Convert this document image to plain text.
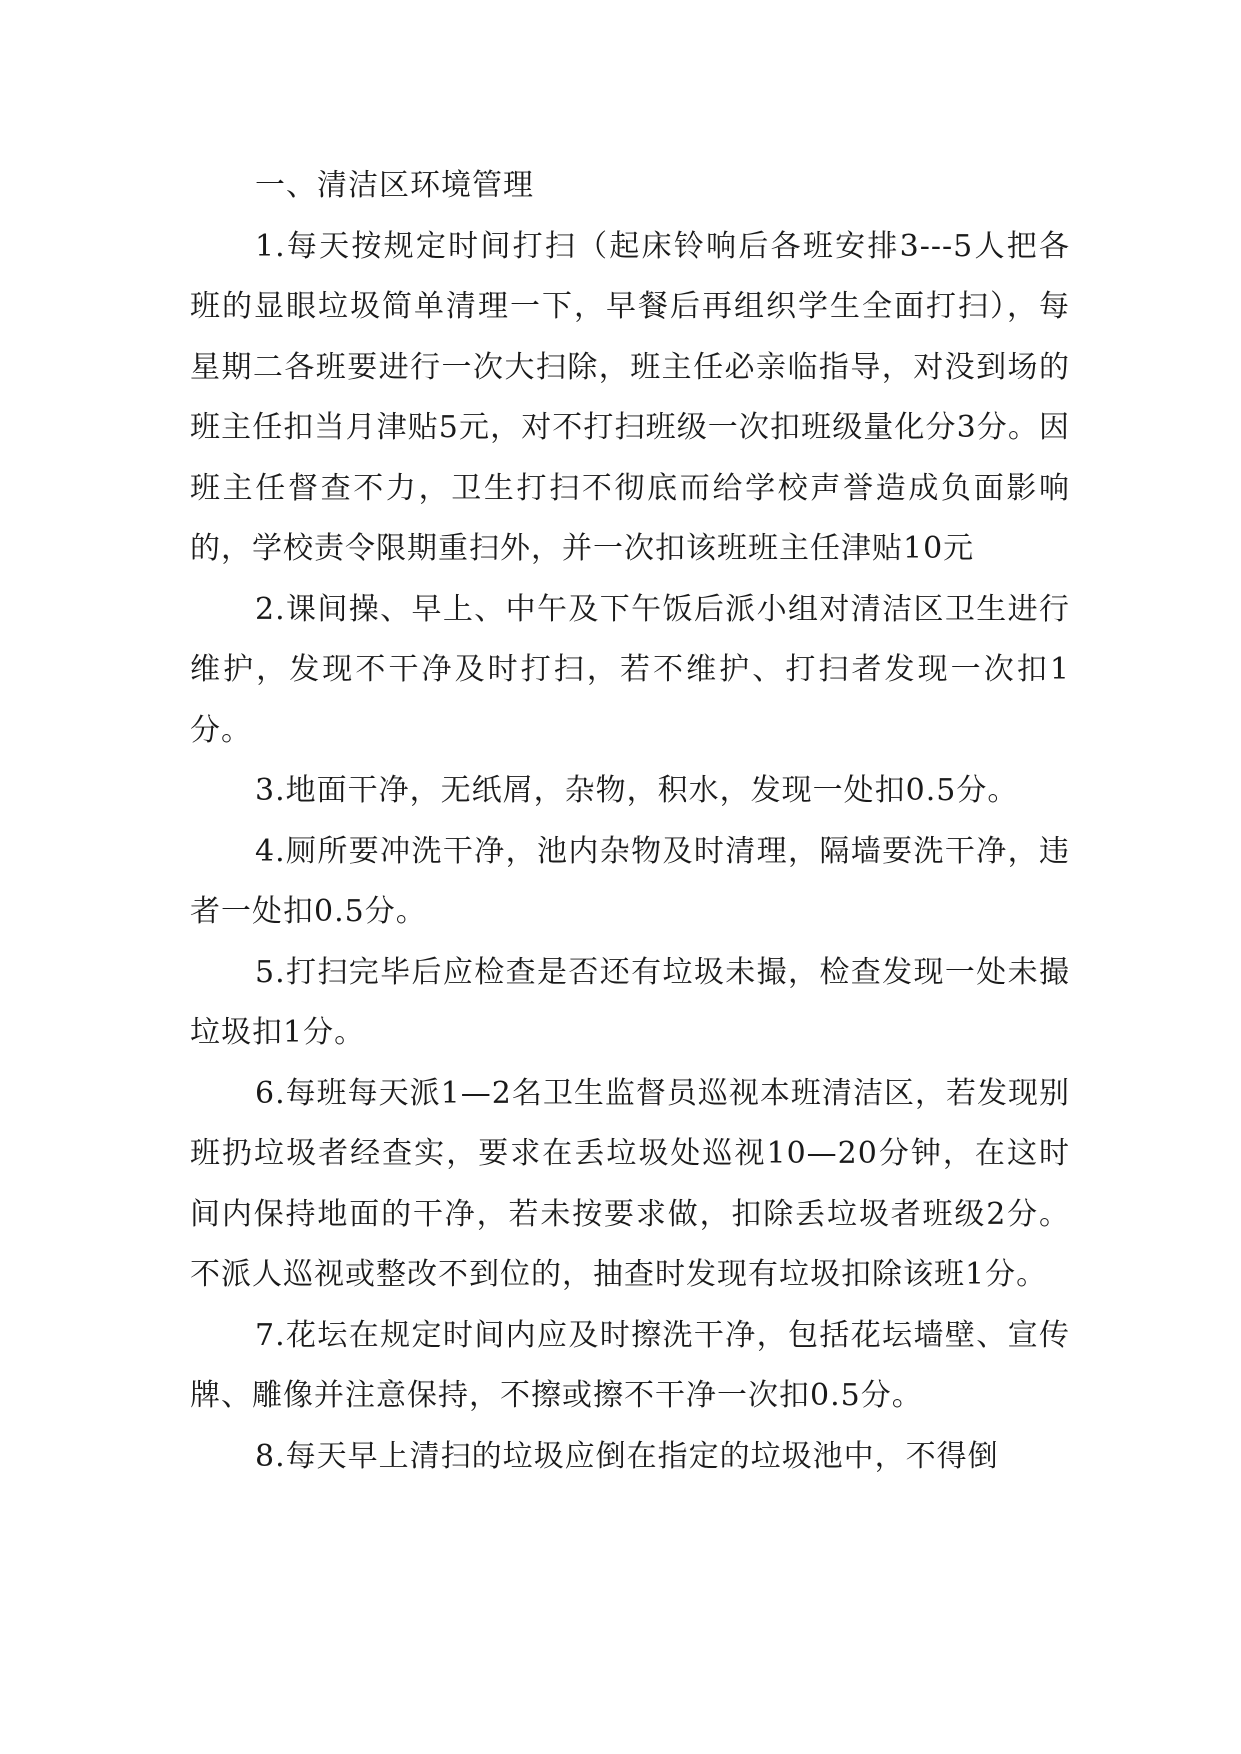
一、清洁区环境管理

1.每天按规定时间打扫（起床铃响后各班安排3---5人把各班的显眼垃圾简单清理一下，早餐后再组织学生全面打扫），每星期二各班要进行一次大扫除，班主任必亲临指导，对没到场的班主任扣当月津贴5元，对不打扫班级一次扣班级量化分3分。因班主任督查不力，卫生打扫不彻底而给学校声誉造成负面影响的，学校责令限期重扫外，并一次扣该班班主任津贴10元

2.课间操、早上、中午及下午饭后派小组对清洁区卫生进行维护，发现不干净及时打扫，若不维护、打扫者发现一次扣1分。

3.地面干净，无纸屑，杂物，积水，发现一处扣0.5分。

4.厕所要冲洗干净，池内杂物及时清理，隔墙要洗干净，违者一处扣0.5分。

5.打扫完毕后应检查是否还有垃圾未撮，检查发现一处未撮垃圾扣1分。

6.每班每天派1—2名卫生监督员巡视本班清洁区，若发现别班扔垃圾者经查实，要求在丢垃圾处巡视10—20分钟，在这时间内保持地面的干净，若未按要求做，扣除丢垃圾者班级2分。不派人巡视或整改不到位的，抽查时发现有垃圾扣除该班1分。

7.花坛在规定时间内应及时擦洗干净，包括花坛墙壁、宣传牌、雕像并注意保持，不擦或擦不干净一次扣0.5分。

8.每天早上清扫的垃圾应倒在指定的垃圾池中，不得倒
